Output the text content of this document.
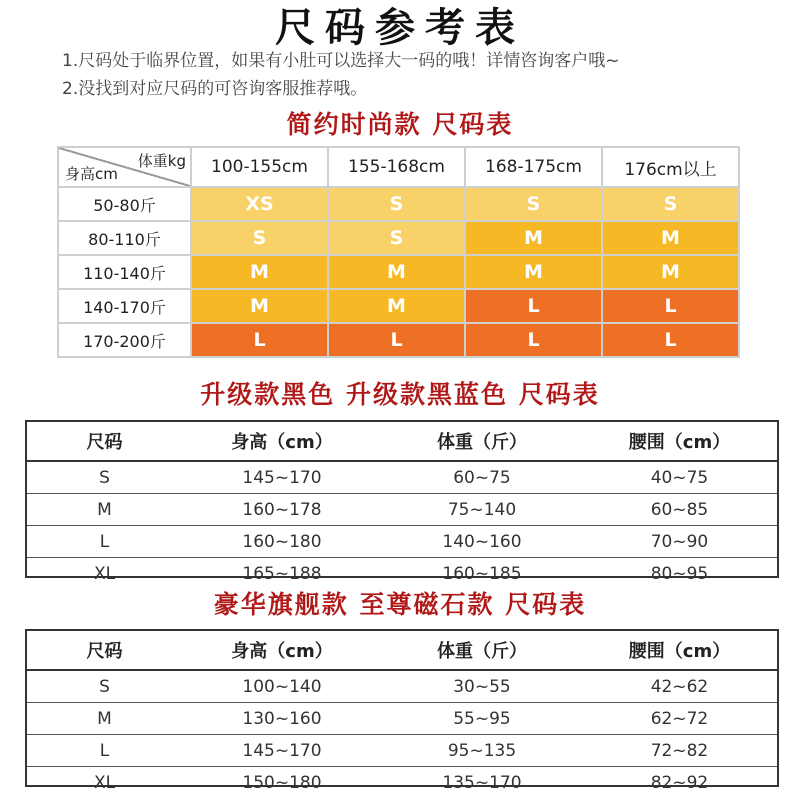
尺码参考表
1.尺码处于临界位置，如果有小肚可以选择大一码的哦！详情咨询客户哦~
2.没找到对应尺码的可咨询客服推荐哦。
简约时尚款 尺码表
体重kg
身高cm	100-155cm	155-168cm	168-175cm	176cm以上
50-80斤	XS	S	S	S
80-110斤	S	S	M	M
110-140斤	M	M	M	M
140-170斤	M	M	L	L
170-200斤	L	L	L	L
升级款黑色 升级款黑蓝色 尺码表
尺码	身高（cm）	体重（斤）	腰围（cm）
S	145~170	60~75	40~75
M	160~178	75~140	60~85
L	160~180	140~160	70~90
XL	165~188	160~185	80~95
豪华旗舰款 至尊磁石款 尺码表
尺码	身高（cm）	体重（斤）	腰围（cm）
S	100~140	30~55	42~62
M	130~160	55~95	62~72
L	145~170	95~135	72~82
XL	150~180	135~170	82~92
